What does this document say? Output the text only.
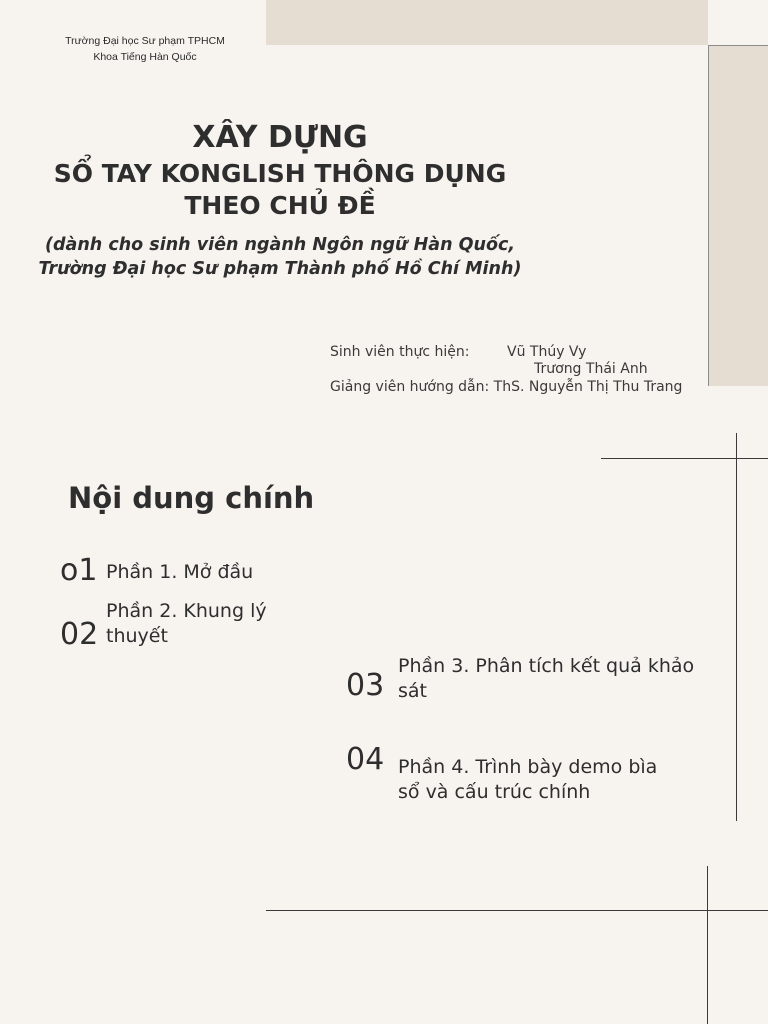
Trường Đại học Sư phạm TPHCM
Khoa Tiếng Hàn Quốc
XÂY DỰNG
SỔ TAY KONGLISH THÔNG DỤNG
THEO CHỦ ĐỀ
(dành cho sinh viên ngành Ngôn ngữ Hàn Quốc,
Trường Đại học Sư phạm Thành phố Hồ Chí Minh)
Sinh viên thực hiện:	Vũ Thúy Vy
Trương Thái Anh
Giảng viên hướng dẫn: ThS. Nguyễn Thị Thu Trang
Nội dung chính
o1 Phần 1. Mở đầu
02
Phần 2. Khung lý
thuyết
03
Phần 3. Phân tích kết quả khảo
sát
04 Phần 4. Trình bày demo bìa
sổ và cấu trúc chính
